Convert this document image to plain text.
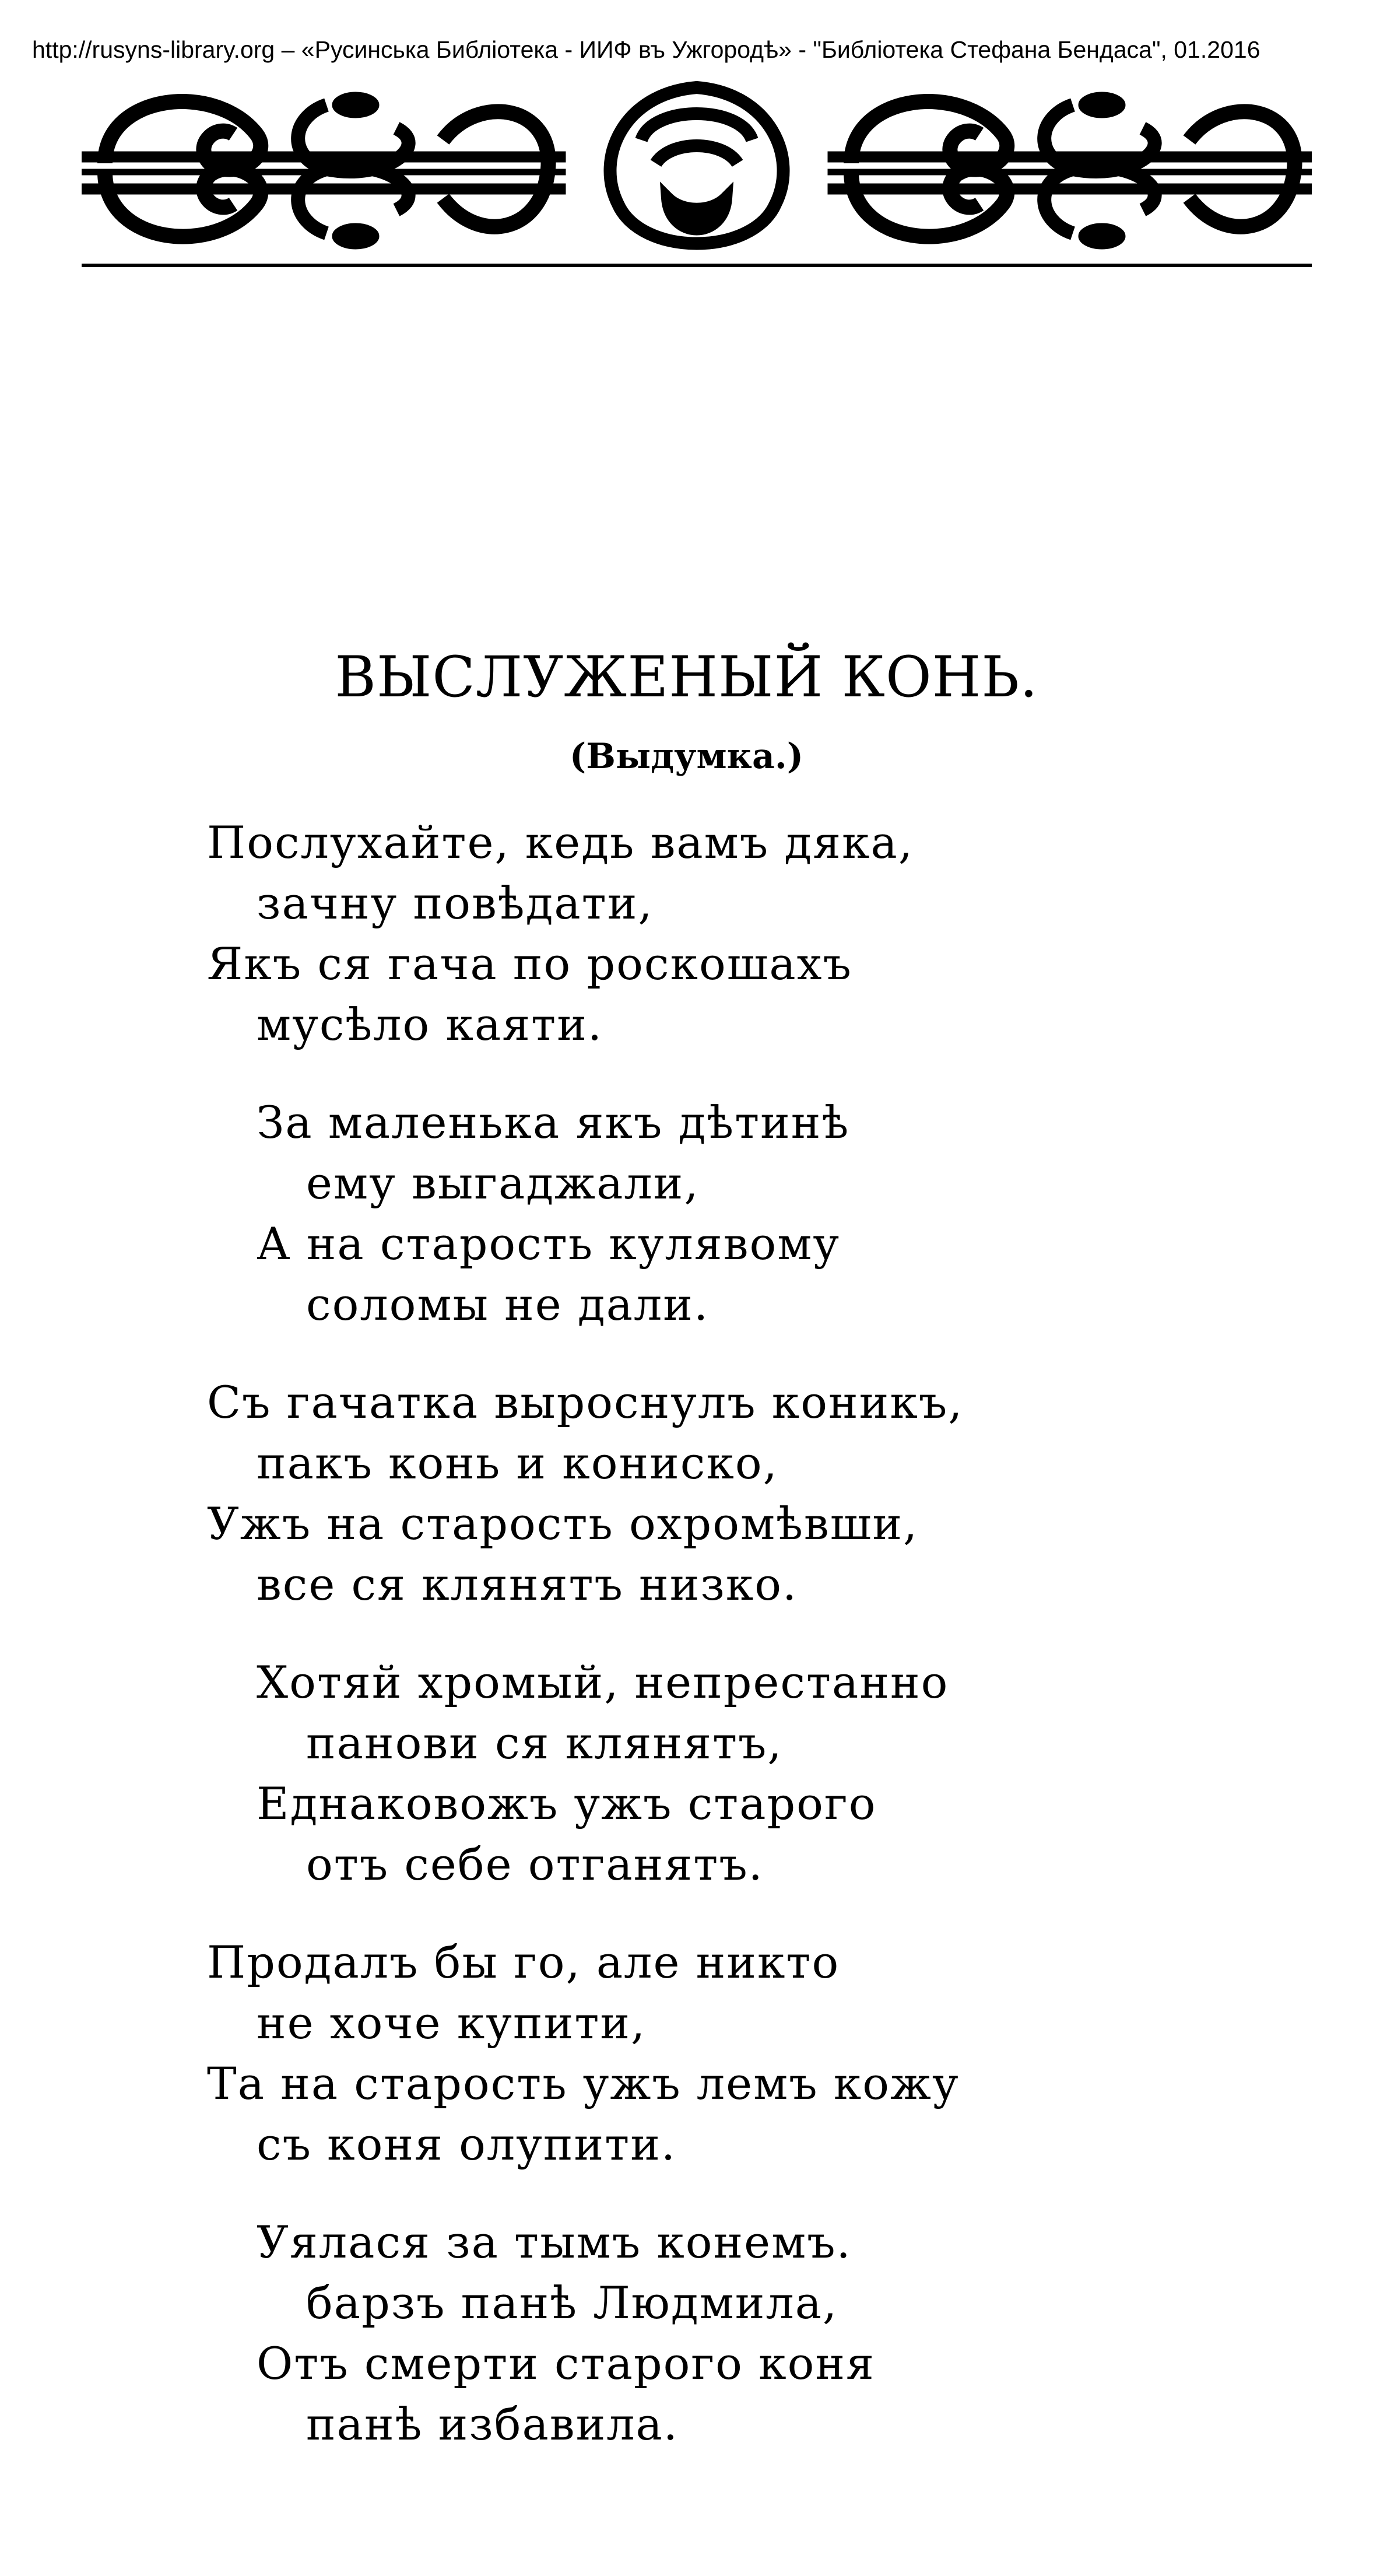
http://rusyns-library.org – «Русинська Библіотека - ИИФ въ Ужгородѣ» - "Библіотека Стефана Бендаса", 01.2016
ВЫСЛУЖЕНЫЙ КОНЬ.
(Выдумка.)
Послухайте, кедь вамъ дяка,
зачну повѣдати,
Якъ ся гача по роскошахъ
мусѣло каяти.
За маленька якъ дѣтинѣ
ему выгаджали,
А на старость кулявому
соломы не дали.
Съ гачатка выроснулъ коникъ,
пакъ конь и кониско,
Ужъ на старость охромѣвши,
все ся клянятъ низко.
Хотяй хромый, непрестанно
панови ся клянятъ,
Еднаковожъ ужъ старого
отъ себе отганятъ.
Продалъ бы го, але никто
не хоче купити,
Та на старость ужъ лемъ кожу
съ коня олупити.
Уялася за тымъ конемъ.
барзъ панѣ Людмила,
Отъ смерти старого коня
панѣ избавила.
